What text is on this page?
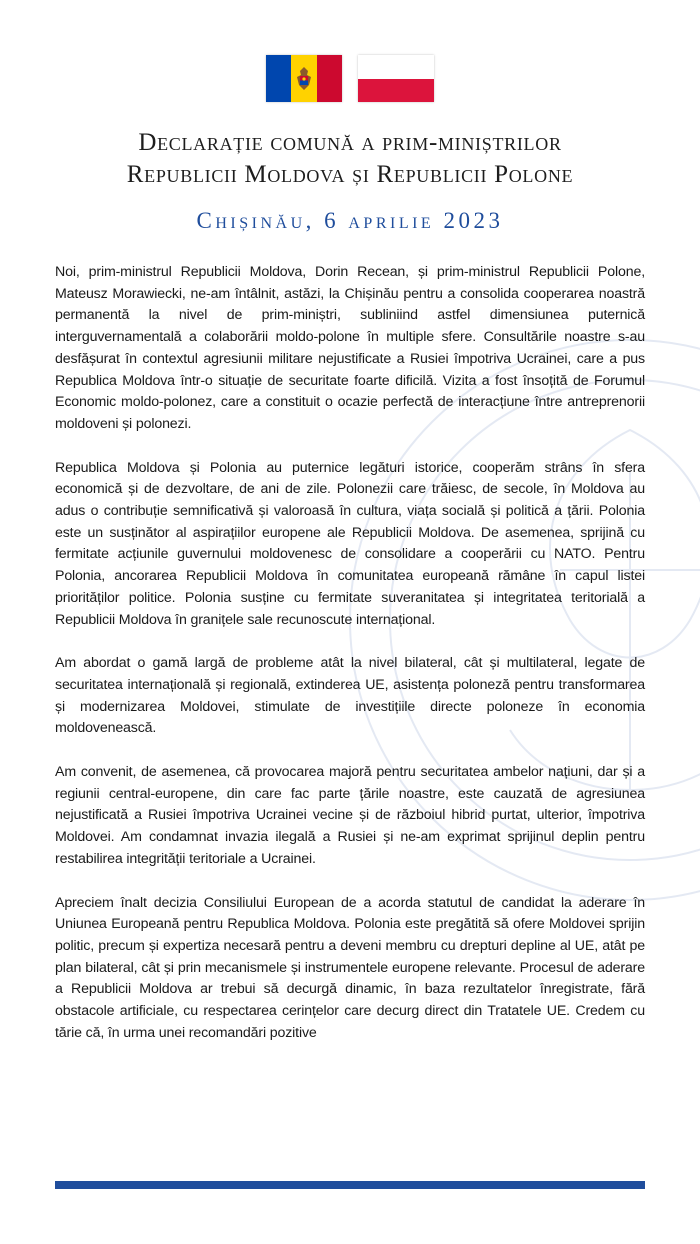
Declarație comună a prim-miniștrilor
Republicii Moldova și Republicii Polone
Chișinău, 6 aprilie 2023

Noi, prim-ministrul Republicii Moldova, Dorin Recean, și prim-ministrul Republicii Polone, Mateusz Morawiecki, ne-am întâlnit, astăzi, la Chișinău pentru a consolida cooperarea noastră permanentă la nivel de prim-miniștri, subliniind astfel dimensiunea puternică interguvernamentală a colaborării moldo-polone în multiple sfere. Consultările noastre s-au desfășurat în contextul agresiunii militare nejustificate a Rusiei împotriva Ucrainei, care a pus Republica Moldova într-o situație de securitate foarte dificilă. Vizita a fost însoțită de Forumul Economic moldo-polonez, care a constituit o ocazie perfectă de interacțiune între antreprenorii moldoveni și polonezi.

Republica Moldova și Polonia au puternice legături istorice, cooperăm strâns în sfera economică și de dezvoltare, de ani de zile. Polonezii care trăiesc, de secole, în Moldova au adus o contribuție semnificativă și valoroasă în cultura, viața socială și politică a țării. Polonia este un susținător al aspirațiilor europene ale Republicii Moldova. De asemenea, sprijină cu fermitate acțiunile guvernului moldovenesc de consolidare a cooperării cu NATO. Pentru Polonia, ancorarea Republicii Moldova în comunitatea europeană rămâne în capul listei priorităților politice. Polonia susține cu fermitate suveranitatea și integritatea teritorială a Republicii Moldova în granițele sale recunoscute internațional.

Am abordat o gamă largă de probleme atât la nivel bilateral, cât și multilateral, legate de securitatea internațională și regională, extinderea UE, asistența poloneză pentru transformarea și modernizarea Moldovei, stimulate de investițiile directe poloneze în economia moldovenească.

Am convenit, de asemenea, că provocarea majoră pentru securitatea ambelor națiuni, dar și a regiunii central-europene, din care fac parte țările noastre, este cauzată de agresiunea nejustificată a Rusiei împotriva Ucrainei vecine și de războiul hibrid purtat, ulterior, împotriva Moldovei. Am condamnat invazia ilegală a Rusiei și ne-am exprimat sprijinul deplin pentru restabilirea integrității teritoriale a Ucrainei.

Apreciem înalt decizia Consiliului European de a acorda statutul de candidat la aderare în Uniunea Europeană pentru Republica Moldova. Polonia este pregătită să ofere Moldovei sprijin politic, precum și expertiza necesară pentru a deveni membru cu drepturi depline al UE, atât pe plan bilateral, cât și prin mecanismele și instrumentele europene relevante. Procesul de aderare a Republicii Moldova ar trebui să decurgă dinamic, în baza rezultatelor înregistrate, fără obstacole artificiale, cu respectarea cerințelor care decurg direct din Tratatele UE. Credem cu tărie că, în urma unei recomandări pozitive
